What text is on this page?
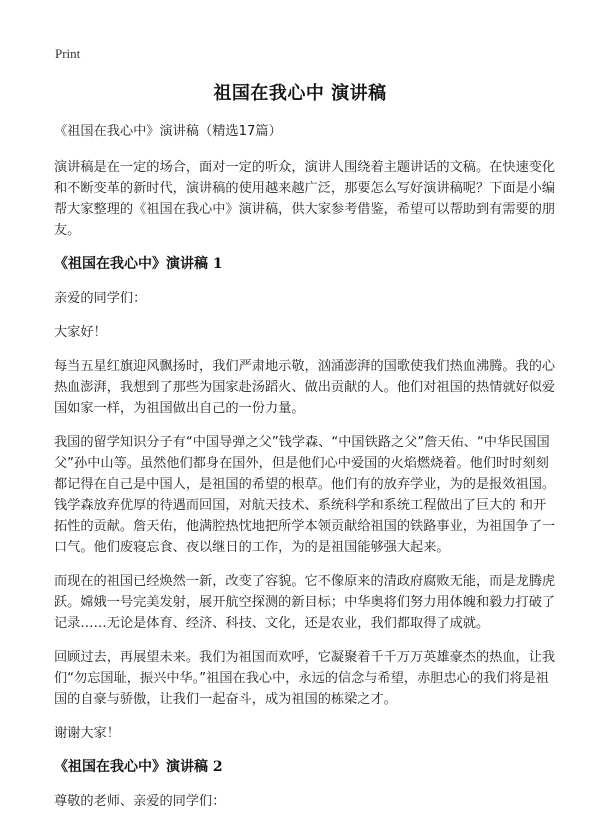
Print
祖国在我心中 演讲稿

《祖国在我心中》演讲稿（精选17篇）

演讲稿是在一定的场合，面对一定的听众，演讲人围绕着主题讲话的文稿。在快速变化和不断变革的新时代，演讲稿的使用越来越广泛，那要怎么写好演讲稿呢？下面是小编帮大家整理的《祖国在我心中》演讲稿，供大家参考借鉴，希望可以帮助到有需要的朋友。

《祖国在我心中》演讲稿 1

亲爱的同学们：

大家好！

每当五星红旗迎风飘扬时，我们严肃地示敬，汹涌澎湃的国歌使我们热血沸腾。我的心热血澎湃，我想到了那些为国家赴汤蹈火、做出贡献的人。他们对祖国的热情就好似爱国如家一样，为祖国做出自己的一份力量。

我国的留学知识分子有“中国导弹之父”钱学森、“中国铁路之父”詹天佑、“中华民国国父”孙中山等。虽然他们都身在国外，但是他们心中爱国的火焰燃烧着。他们时时刻刻都记得在自己是中国人，是祖国的希望的根草。他们有的放弃学业，为的是报效祖国。钱学森放弃优厚的待遇而回国，对航天技术、系统科学和系统工程做出了巨大的 和开拓性的贡献。詹天佑，他满腔热忱地把所学本领贡献给祖国的铁路事业，为祖国争了一口气。他们废寝忘食、夜以继日的工作，为的是祖国能够强大起来。

而现在的祖国已经焕然一新，改变了容貌。它不像原来的清政府腐败无能，而是龙腾虎跃。嫦娥一号完美发射，展开航空探测的新目标；中华奥将们努力用体魄和毅力打破了记录……无论是体育、经济、科技、文化，还是农业，我们都取得了成就。

回顾过去，再展望未来。我们为祖国而欢呼，它凝聚着千千万万英雄豪杰的热血，让我们“勿忘国耻，振兴中华。”祖国在我心中，永远的信念与希望，赤胆忠心的我们将是祖国的自豪与骄傲，让我们一起奋斗，成为祖国的栋梁之才。

谢谢大家！

《祖国在我心中》演讲稿 2

尊敬的老师、亲爱的同学们：
